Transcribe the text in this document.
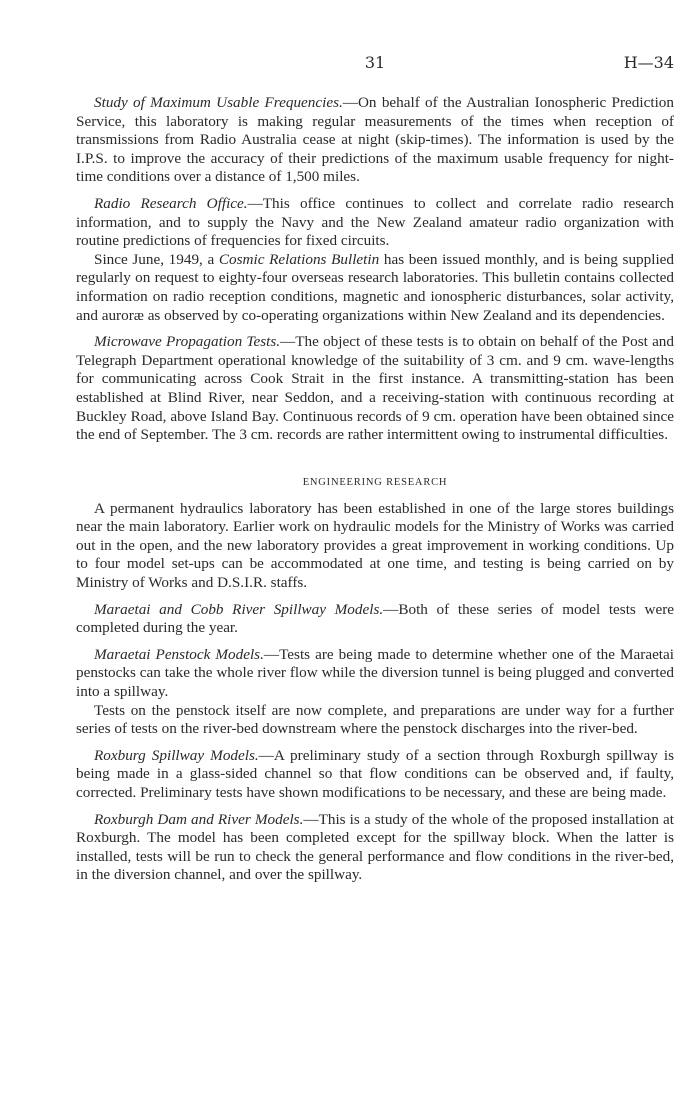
31	H—34

Study of Maximum Usable Frequencies.—On behalf of the Australian Ionospheric Prediction Service, this laboratory is making regular measurements of the times when reception of transmissions from Radio Australia cease at night (skip-times). The information is used by the I.P.S. to improve the accuracy of their predictions of the maximum usable frequency for night-time conditions over a distance of 1,500 miles.

Radio Research Office.—This office continues to collect and correlate radio research information, and to supply the Navy and the New Zealand amateur radio organization with routine predictions of frequencies for fixed circuits.

Since June, 1949, a Cosmic Relations Bulletin has been issued monthly, and is being supplied regularly on request to eighty-four overseas research laboratories. This bulletin contains collected information on radio reception conditions, magnetic and ionospheric disturbances, solar activity, and auroræ as observed by co-operating organizations within New Zealand and its dependencies.

Microwave Propagation Tests.—The object of these tests is to obtain on behalf of the Post and Telegraph Department operational knowledge of the suitability of 3 cm. and 9 cm. wave-lengths for communicating across Cook Strait in the first instance. A transmitting-station has been established at Blind River, near Seddon, and a receiving-station with continuous recording at Buckley Road, above Island Bay. Continuous records of 9 cm. operation have been obtained since the end of September. The 3 cm. records are rather intermittent owing to instrumental difficulties.

ENGINEERING RESEARCH

A permanent hydraulics laboratory has been established in one of the large stores buildings near the main laboratory. Earlier work on hydraulic models for the Ministry of Works was carried out in the open, and the new laboratory provides a great improvement in working conditions. Up to four model set-ups can be accommodated at one time, and testing is being carried on by Ministry of Works and D.S.I.R. staffs.

Maraetai and Cobb River Spillway Models.—Both of these series of model tests were completed during the year.

Maraetai Penstock Models.—Tests are being made to determine whether one of the Maraetai penstocks can take the whole river flow while the diversion tunnel is being plugged and converted into a spillway.

Tests on the penstock itself are now complete, and preparations are under way for a further series of tests on the river-bed downstream where the penstock discharges into the river-bed.

Roxburg Spillway Models.—A preliminary study of a section through Roxburgh spillway is being made in a glass-sided channel so that flow conditions can be observed and, if faulty, corrected. Preliminary tests have shown modifications to be necessary, and these are being made.

Roxburgh Dam and River Models.—This is a study of the whole of the proposed installation at Roxburgh. The model has been completed except for the spillway block. When the latter is installed, tests will be run to check the general performance and flow conditions in the river-bed, in the diversion channel, and over the spillway.
